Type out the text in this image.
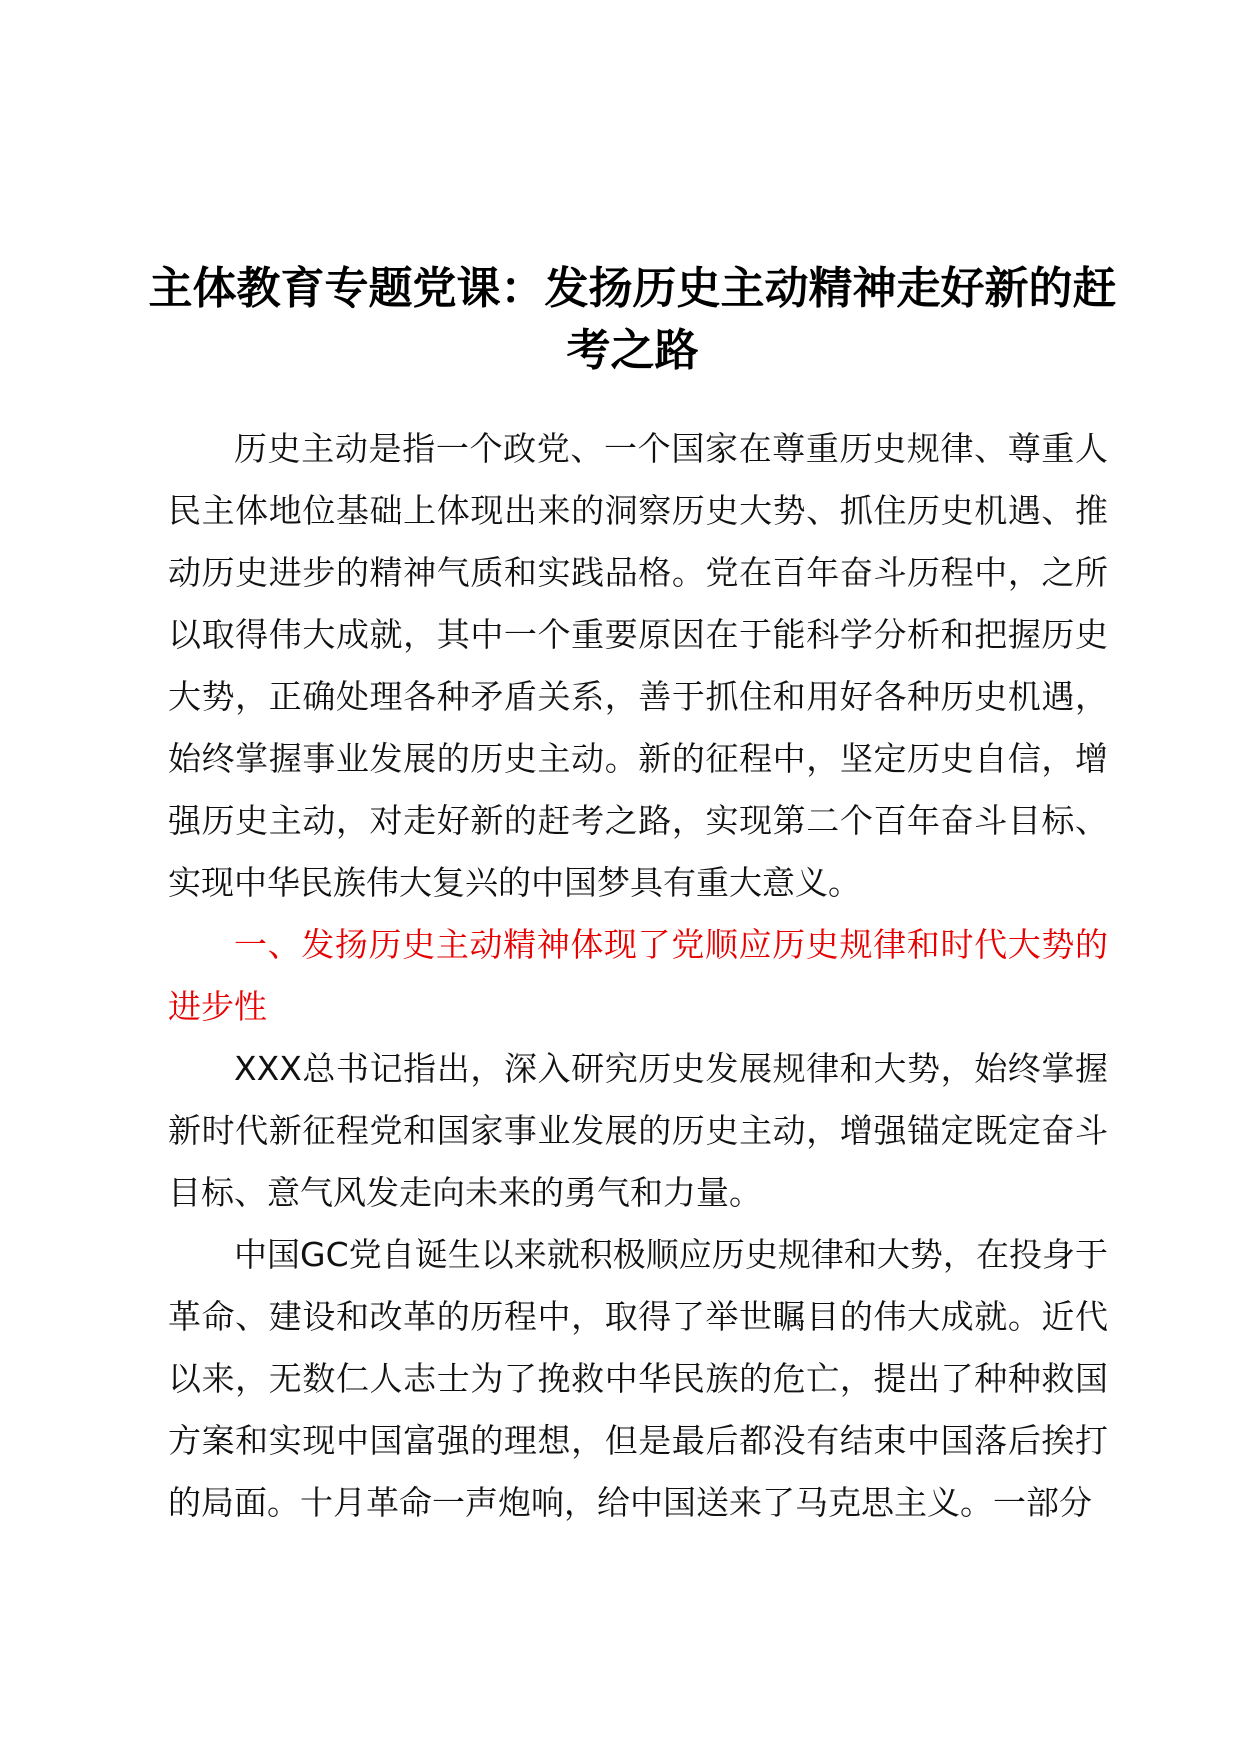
主体教育专题党课：发扬历史主动精神走好新的赶考之路

历史主动是指一个政党、一个国家在尊重历史规律、尊重人民主体地位基础上体现出来的洞察历史大势、抓住历史机遇、推动历史进步的精神气质和实践品格。党在百年奋斗历程中，之所以取得伟大成就，其中一个重要原因在于能科学分析和把握历史大势，正确处理各种矛盾关系，善于抓住和用好各种历史机遇，始终掌握事业发展的历史主动。新的征程中，坚定历史自信，增强历史主动，对走好新的赶考之路，实现第二个百年奋斗目标、实现中华民族伟大复兴的中国梦具有重大意义。

一、发扬历史主动精神体现了党顺应历史规律和时代大势的进步性

XXX总书记指出，深入研究历史发展规律和大势，始终掌握新时代新征程党和国家事业发展的历史主动，增强锚定既定奋斗目标、意气风发走向未来的勇气和力量。

中国GC党自诞生以来就积极顺应历史规律和大势，在投身于革命、建设和改革的历程中，取得了举世瞩目的伟大成就。近代以来，无数仁人志士为了挽救中华民族的危亡，提出了种种救国方案和实现中国富强的理想，但是最后都没有结束中国落后挨打的局面。十月革命一声炮响，给中国送来了马克思主义。一部分
